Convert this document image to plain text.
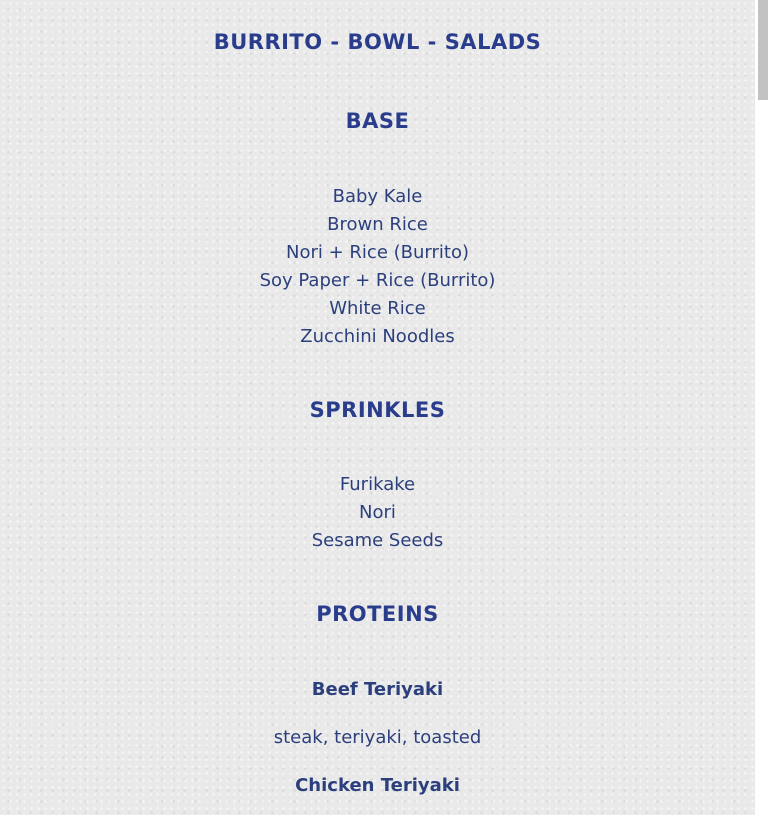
BURRITO - BOWL - SALADS
BASE
Baby Kale
Brown Rice
Nori + Rice (Burrito)
Soy Paper + Rice (Burrito)
White Rice
Zucchini Noodles
SPRINKLES
Furikake
Nori
Sesame Seeds
PROTEINS

Beef Teriyaki

steak, teriyaki, toasted

Chicken Teriyaki
